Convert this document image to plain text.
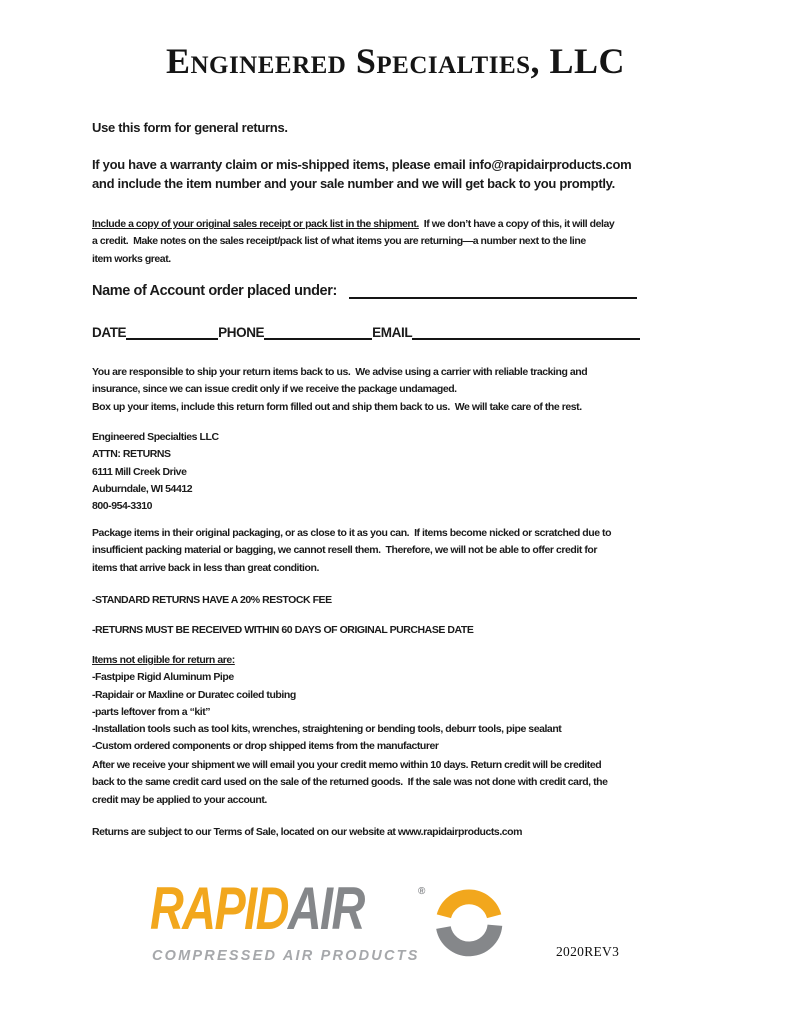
Engineered Specialties, LLC
Use this form for general returns.
If you have a warranty claim or mis-shipped items, please email info@rapidairproducts.com
and include the item number and your sale number and we will get back to you promptly.
Include a copy of your original sales receipt or pack list in the shipment.  If we don’t have a copy of this, it will delay
a credit.  Make notes on the sales receipt/pack list of what items you are returning—a number next to the line
item works great.
Name of Account order placed under:
DATE	PHONE	EMAIL
You are responsible to ship your return items back to us.  We advise using a carrier with reliable tracking and
insurance, since we can issue credit only if we receive the package undamaged.
Box up your items, include this return form filled out and ship them back to us.  We will take care of the rest.
Engineered Specialties LLC
ATTN: RETURNS
6111 Mill Creek Drive
Auburndale, WI 54412
800-954-3310
Package items in their original packaging, or as close to it as you can.  If items become nicked or scratched due to
insufficient packing material or bagging, we cannot resell them.  Therefore, we will not be able to offer credit for
items that arrive back in less than great condition.
-STANDARD RETURNS HAVE A 20% RESTOCK FEE
-RETURNS MUST BE RECEIVED WITHIN 60 DAYS OF ORIGINAL PURCHASE DATE
Items not eligible for return are:
-Fastpipe Rigid Aluminum Pipe
-Rapidair or Maxline or Duratec coiled tubing
-parts leftover from a “kit”
-Installation tools such as tool kits, wrenches, straightening or bending tools, deburr tools, pipe sealant
-Custom ordered components or drop shipped items from the manufacturer
After we receive your shipment we will email you your credit memo within 10 days. Return credit will be credited
back to the same credit card used on the sale of the returned goods.  If the sale was not done with credit card, the
credit may be applied to your account.
Returns are subject to our Terms of Sale, located on our website at www.rapidairproducts.com
RAPIDAIR	®
COMPRESSED AIR PRODUCTS	2020REV3
